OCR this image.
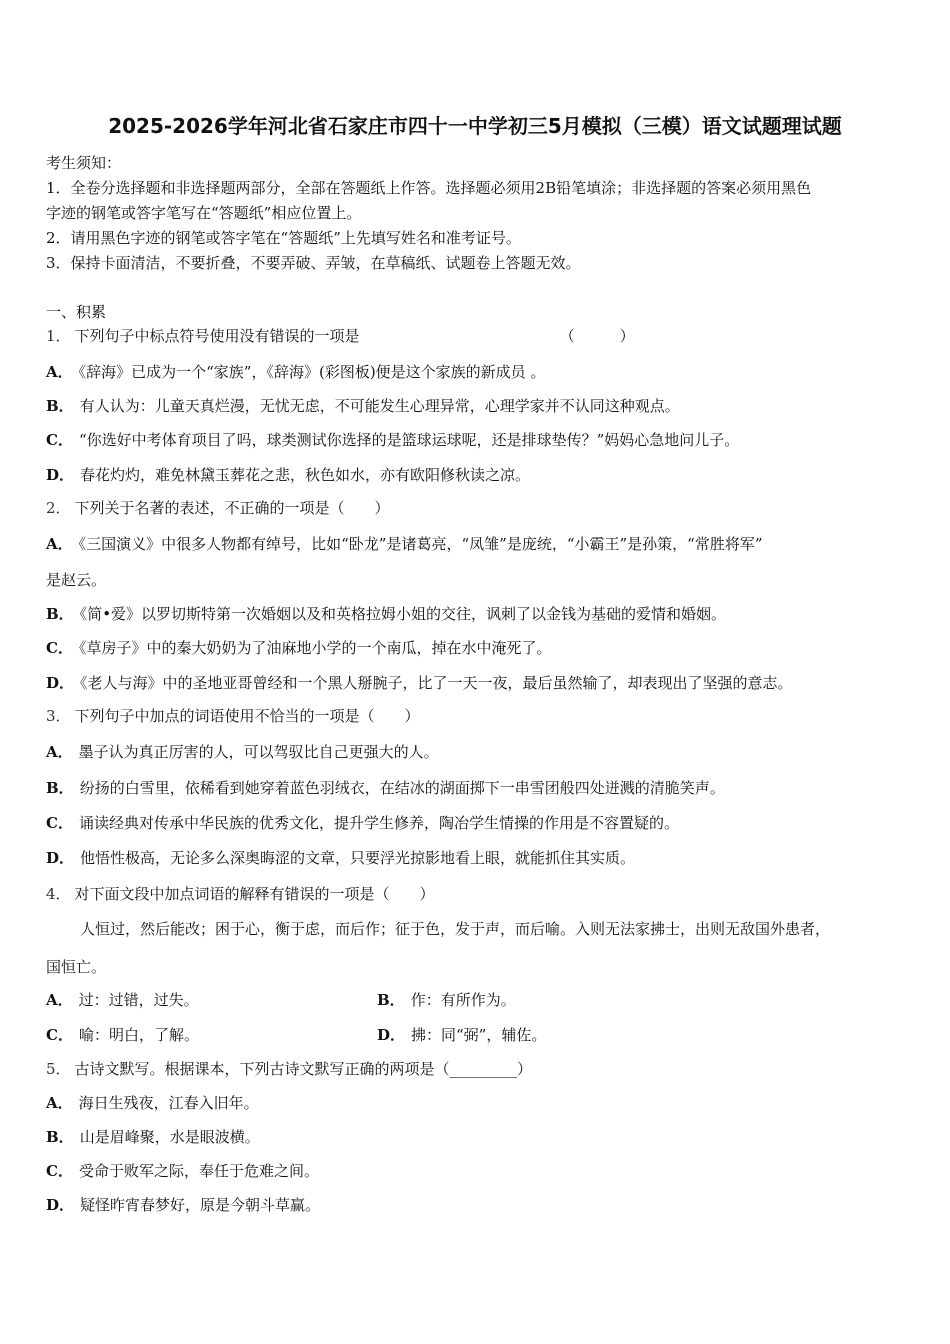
2025-2026学年河北省石家庄市四十一中学初三5月模拟（三模）语文试题理试题
考生须知：
1．全卷分选择题和非选择题两部分，全部在答题纸上作答。选择题必须用2B铅笔填涂；非选择题的答案必须用黑色
字迹的钢笔或答字笔写在“答题纸”相应位置上。
2．请用黑色字迹的钢笔或答字笔在“答题纸”上先填写姓名和准考证号。
3．保持卡面清洁，不要折叠，不要弄破、弄皱，在草稿纸、试题卷上答题无效。
一、积累
1． 下列句子中标点符号使用没有错误的一项是	（　　　）
A． 《辞海》已成为一个“家族”，《辞海》(彩图板)便是这个家族的新成员 。
B． 有人认为：儿童天真烂漫，无忧无虑，不可能发生心理异常，心理学家并不认同这种观点。
C． “你选好中考体育项目了吗，球类测试你选择的是篮球运球呢，还是排球垫传？”妈妈心急地问儿子。
D． 春花灼灼，难免林黛玉葬花之悲，秋色如水，亦有欧阳修秋读之凉。
2． 下列关于名著的表述，不正确的一项是（　　）
A． 《三国演义》中很多人物都有绰号，比如“卧龙”是诸葛亮，“凤雏”是庞统，“小霸王”是孙策，“常胜将军”
是赵云。
B． 《简•爱》以罗切斯特第一次婚姻以及和英格拉姆小姐的交往，讽刺了以金钱为基础的爱情和婚姻。
C． 《草房子》中的秦大奶奶为了油麻地小学的一个南瓜，掉在水中淹死了。
D． 《老人与海》中的圣地亚哥曾经和一个黑人掰腕子，比了一天一夜，最后虽然输了，却表现出了坚强的意志。
3． 下列句子中加点的词语使用不恰当的一项是（　　）
A． 墨子认为真正厉害的人，可以驾驭比自己更强大的人。
B． 纷扬的白雪里，依稀看到她穿着蓝色羽绒衣，在结冰的湖面掷下一串雪团般四处迸溅的清脆笑声。
C． 诵读经典对传承中华民族的优秀文化，提升学生修养，陶冶学生情操的作用是不容置疑的。
D． 他悟性极高，无论多么深奥晦涩的文章，只要浮光掠影地看上眼，就能抓住其实质。
4． 对下面文段中加点词语的解释有错误的一项是（　　）
人恒过，然后能改；困于心，衡于虑，而后作；征于色，发于声，而后喻。入则无法家拂士，出则无敌国外患者，
国恒亡。
A． 过：过错，过失。	B． 作：有所作为。
C． 喻：明白，了解。	D． 拂：同“弼”，辅佐。
5． 古诗文默写。根据课本，下列古诗文默写正确的两项是（_________）
A． 海日生残夜，江春入旧年。
B． 山是眉峰聚，水是眼波横。
C． 受命于败军之际，奉任于危难之间。
D． 疑怪昨宵春梦好，原是今朝斗草赢。
